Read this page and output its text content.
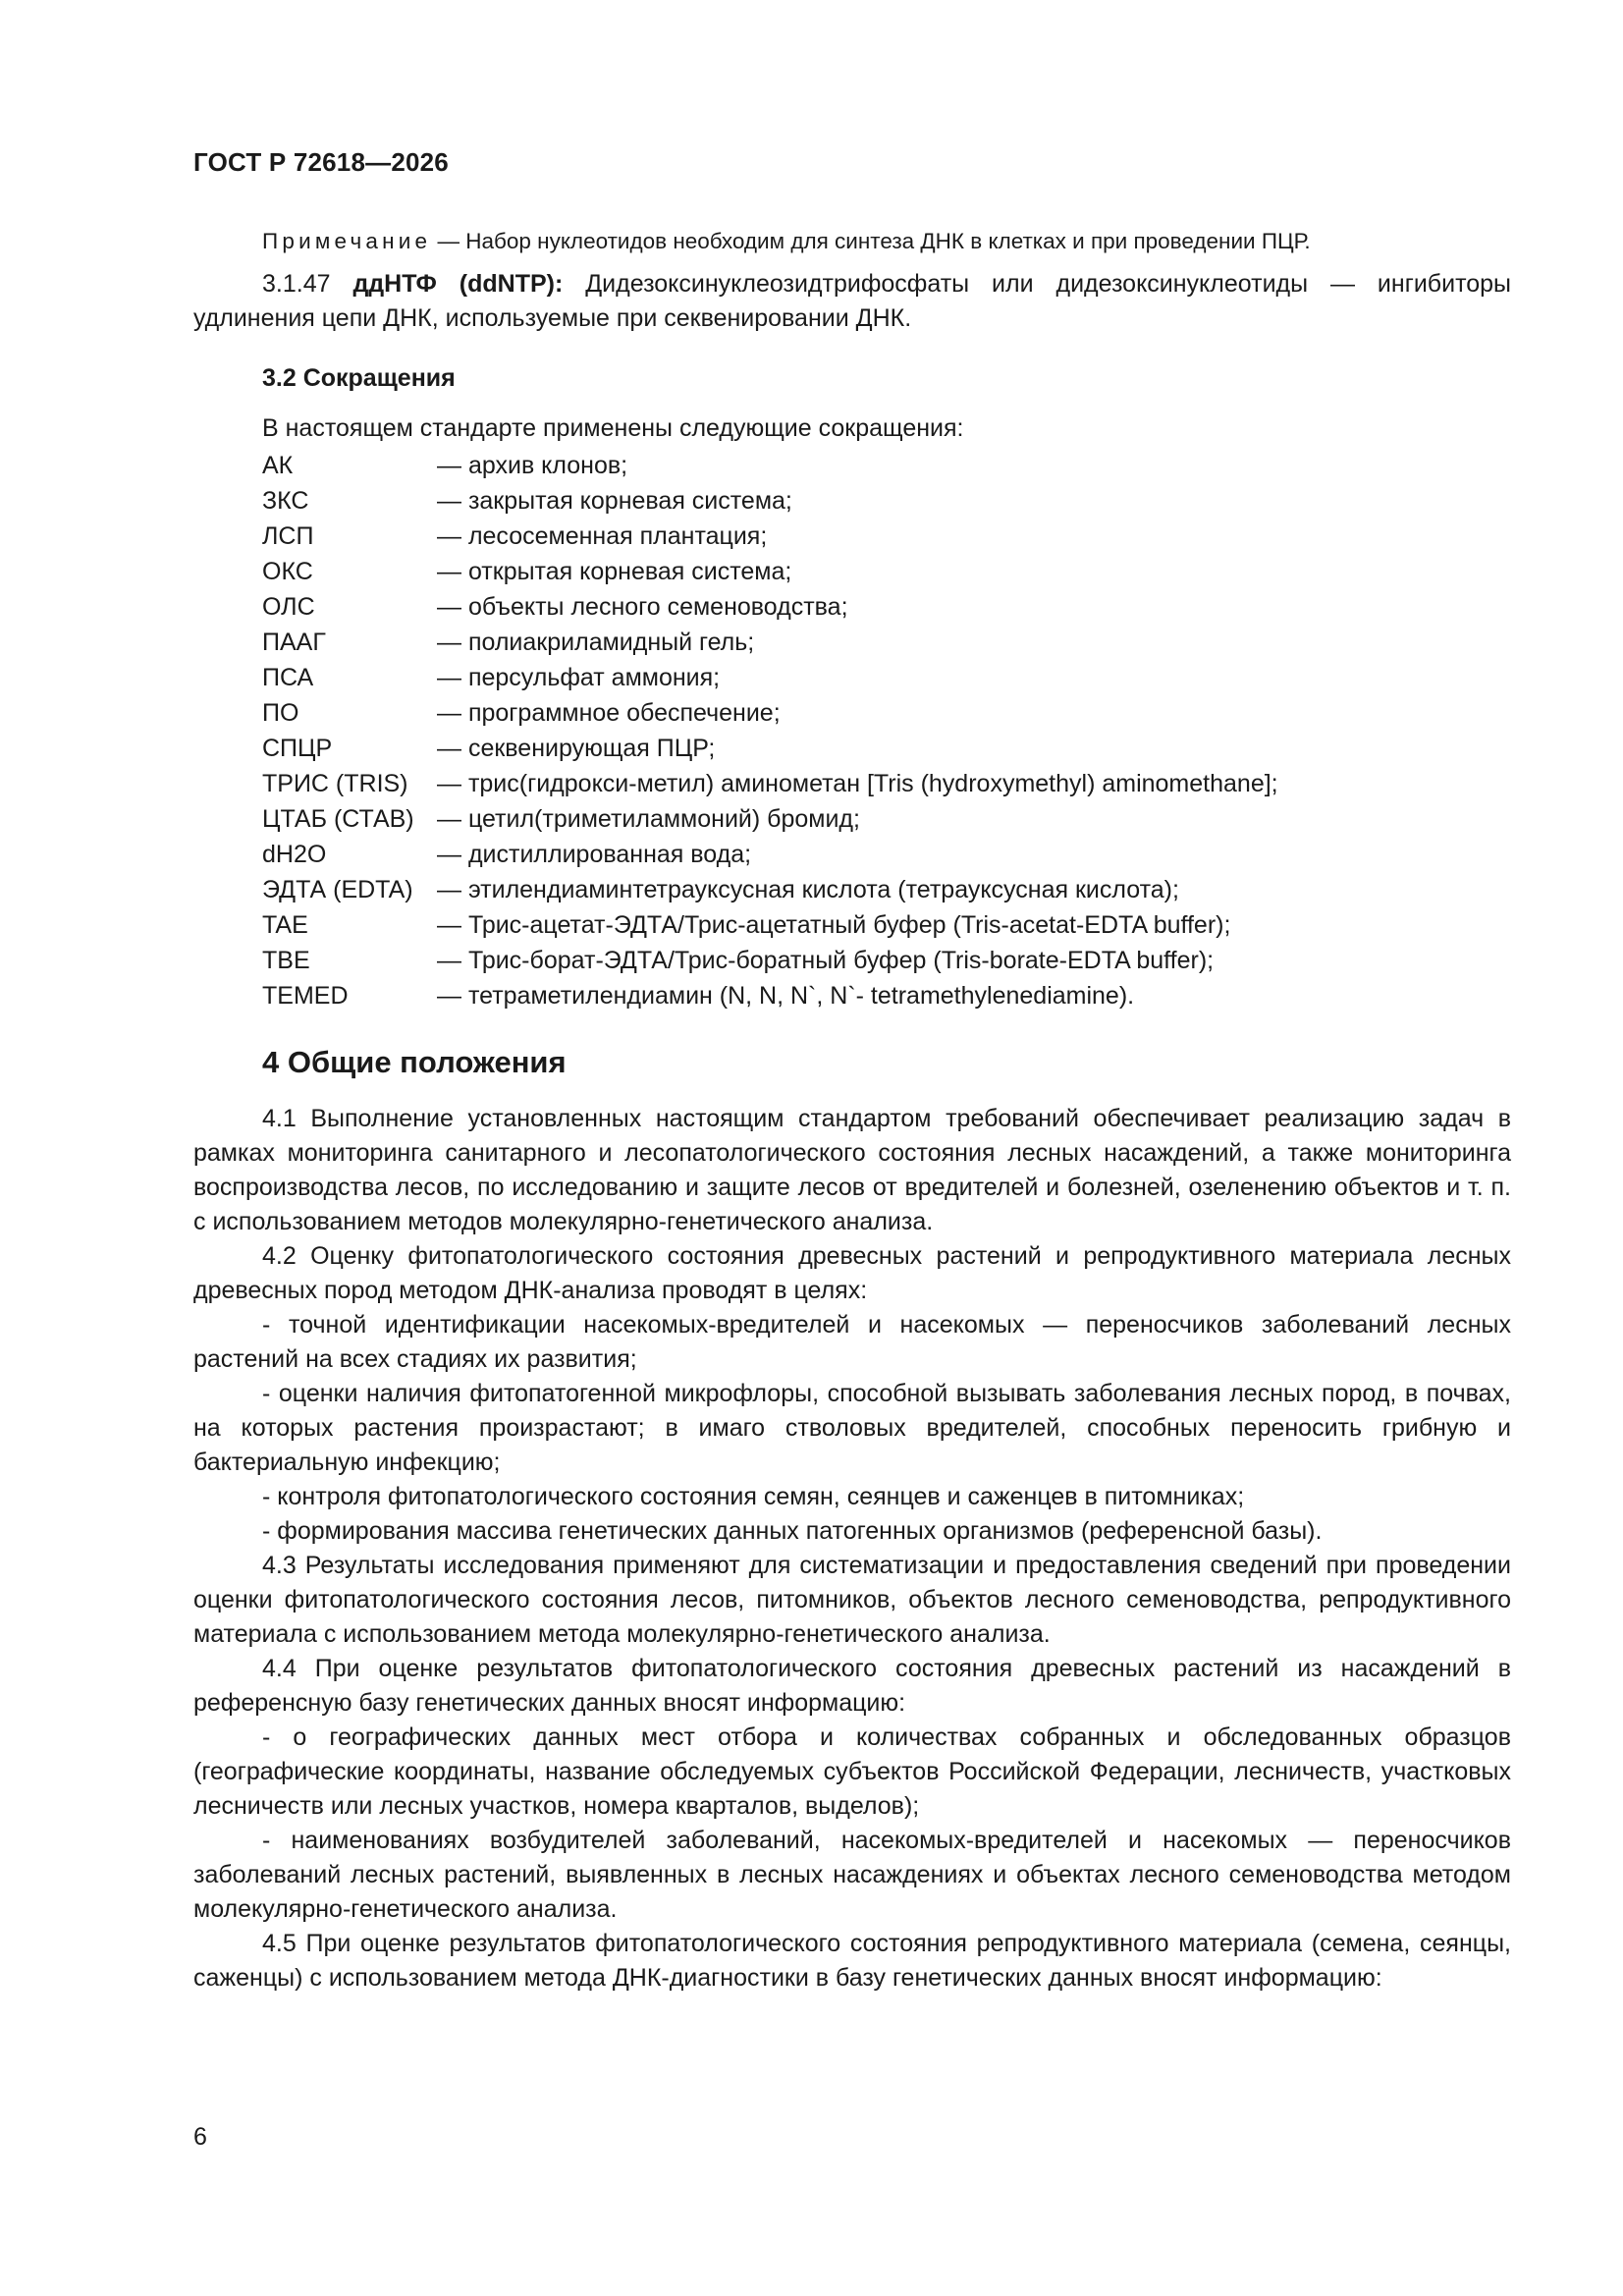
ГОСТ Р 72618—2026
Примечание — Набор нуклеотидов необходим для синтеза ДНК в клетках и при проведении ПЦР.

3.1.47 ддНТФ (ddNTP): Дидезоксинуклеозидтрифосфаты или дидезоксинуклеотиды — ингибиторы удлинения цепи ДНК, используемые при секвенировании ДНК.

3.2 Сокращения
В настоящем стандарте применены следующие сокращения:
АК	— архив клонов;
ЗКС	— закрытая корневая система;
ЛСП	— лесосеменная плантация;
ОКС	— открытая корневая система;
ОЛС	— объекты лесного семеноводства;
ПААГ	— полиакриламидный гель;
ПСА	— персульфат аммония;
ПО	— программное обеспечение;
СПЦР	— секвенирующая ПЦР;
ТРИС (TRIS)	— трис(гидрокси-метил) аминометан [Tris (hydroxymethyl) aminomethane];
ЦТАБ (СТАВ) — цетил(триметиламмоний) бромид;
dH2O	— дистиллированная вода;
ЭДТА (EDTA) — этилендиаминтетрауксусная кислота (тетрауксусная кислота);
TAE	— Трис-ацетат-ЭДТА/Трис-ацетатный буфер (Tris-acetat-EDTA buffer);
TBE	— Трис-борат-ЭДТА/Трис-боратный буфер (Tris-borate-EDTA buffer);
TEMED	— тетраметилендиамин (N, N, N`, N`- tetramethylenediamine).
4 Общие положения

4.1 Выполнение установленных настоящим стандартом требований обеспечивает реализацию задач в рамках мониторинга санитарного и лесопатологического состояния лесных насаждений, а также мониторинга воспроизводства лесов, по исследованию и защите лесов от вредителей и болезней, озеленению объектов и т. п. с использованием методов молекулярно-генетического анализа.

4.2 Оценку фитопатологического состояния древесных растений и репродуктивного материала лесных древесных пород методом ДНК-анализа проводят в целях:

- точной идентификации насекомых-вредителей и насекомых — переносчиков заболеваний лесных растений на всех стадиях их развития;

- оценки наличия фитопатогенной микрофлоры, способной вызывать заболевания лесных пород, в почвах, на которых растения произрастают; в имаго стволовых вредителей, способных переносить грибную и бактериальную инфекцию;

- контроля фитопатологического состояния семян, сеянцев и саженцев в питомниках;

- формирования массива генетических данных патогенных организмов (референсной базы).

4.3 Результаты исследования применяют для систематизации и предоставления сведений при проведении оценки фитопатологического состояния лесов, питомников, объектов лесного семеноводства, репродуктивного материала с использованием метода молекулярно-генетического анализа.

4.4 При оценке результатов фитопатологического состояния древесных растений из насаждений в референсную базу генетических данных вносят информацию:

- о географических данных мест отбора и количествах собранных и обследованных образцов (географические координаты, название обследуемых субъектов Российской Федерации, лесничеств, участковых лесничеств или лесных участков, номера кварталов, выделов);

- наименованиях возбудителей заболеваний, насекомых-вредителей и насекомых — переносчиков заболеваний лесных растений, выявленных в лесных насаждениях и объектах лесного семеноводства методом молекулярно-генетического анализа.

4.5 При оценке результатов фитопатологического состояния репродуктивного материала (семена, сеянцы, саженцы) с использованием метода ДНК-диагностики в базу генетических данных вносят информацию:

6
